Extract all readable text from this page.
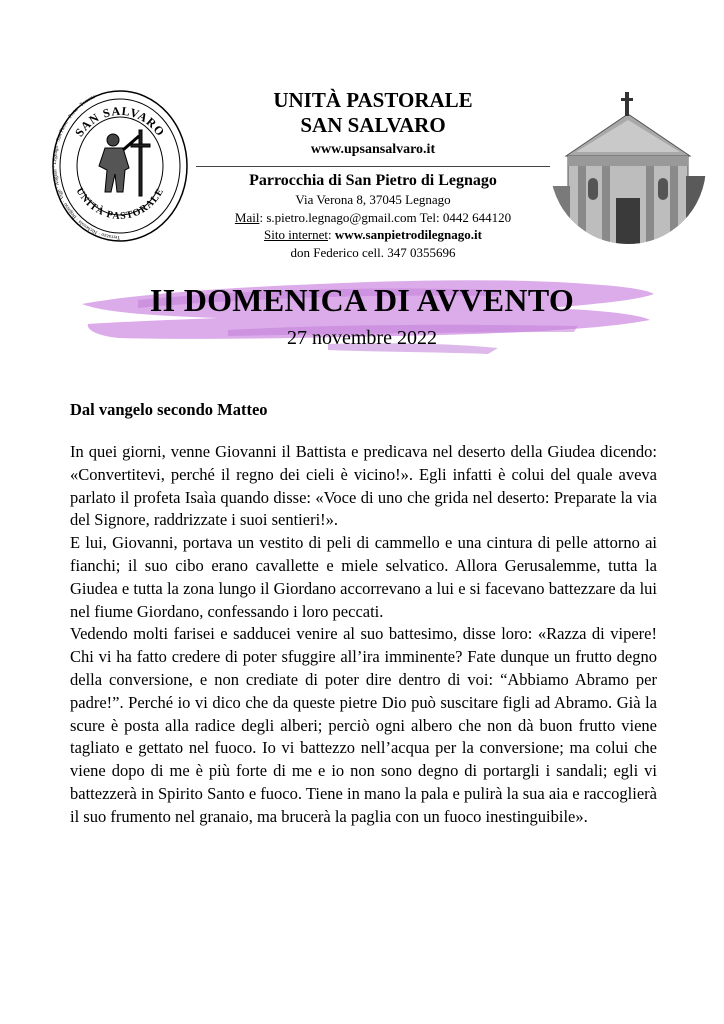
Terrazzo · Nichesola · Begosso · Vigo · Angiari · Legnago · San Pietro · Porto · Torretta
SAN SALVARO
UNITÀ PASTORALE
UNITÀ PASTORALE
SAN SALVARO
www.upsansalvaro.it
Parrocchia di San Pietro di Legnago
Via Verona 8, 37045 Legnago
Mail: s.pietro.legnago@gmail.com Tel: 0442 644120
Sito internet: www.sanpietrodilegnago.it
don Federico cell. 347 0355696
II DOMENICA DI AVVENTO
27 novembre 2022
Dal vangelo secondo Matteo

In quei giorni, venne Giovanni il Battista e predicava nel deserto della Giudea dicendo: «Convertitevi, perché il regno dei cieli è vicino!». Egli infatti è colui del quale aveva parlato il profeta Isaìa quando disse: «Voce di uno che grida nel deserto: Preparate la via del Signore, raddrizzate i suoi sentieri!».

E lui, Giovanni, portava un vestito di peli di cammello e una cintura di pelle attorno ai fianchi; il suo cibo erano cavallette e miele selvatico. Allora Gerusalemme, tutta la Giudea e tutta la zona lungo il Giordano accorrevano a lui e si facevano battezzare da lui nel fiume Giordano, confessando i loro peccati.

Vedendo molti farisei e sadducei venire al suo battesimo, disse loro: «Razza di vipere! Chi vi ha fatto credere di poter sfuggire all’ira imminente? Fate dunque un frutto degno della conversione, e non crediate di poter dire dentro di voi: “Abbiamo Abramo per padre!”. Perché io vi dico che da queste pietre Dio può suscitare figli ad Abramo. Già la scure è posta alla radice degli alberi; perciò ogni albero che non dà buon frutto viene tagliato e gettato nel fuoco. Io vi battezzo nell’acqua per la conversione; ma colui che viene dopo di me è più forte di me e io non sono degno di portargli i sandali; egli vi battezzerà in Spirito Santo e fuoco. Tiene in mano la pala e pulirà la sua aia e raccoglierà il suo frumento nel granaio, ma brucerà la paglia con un fuoco inestinguibile».
